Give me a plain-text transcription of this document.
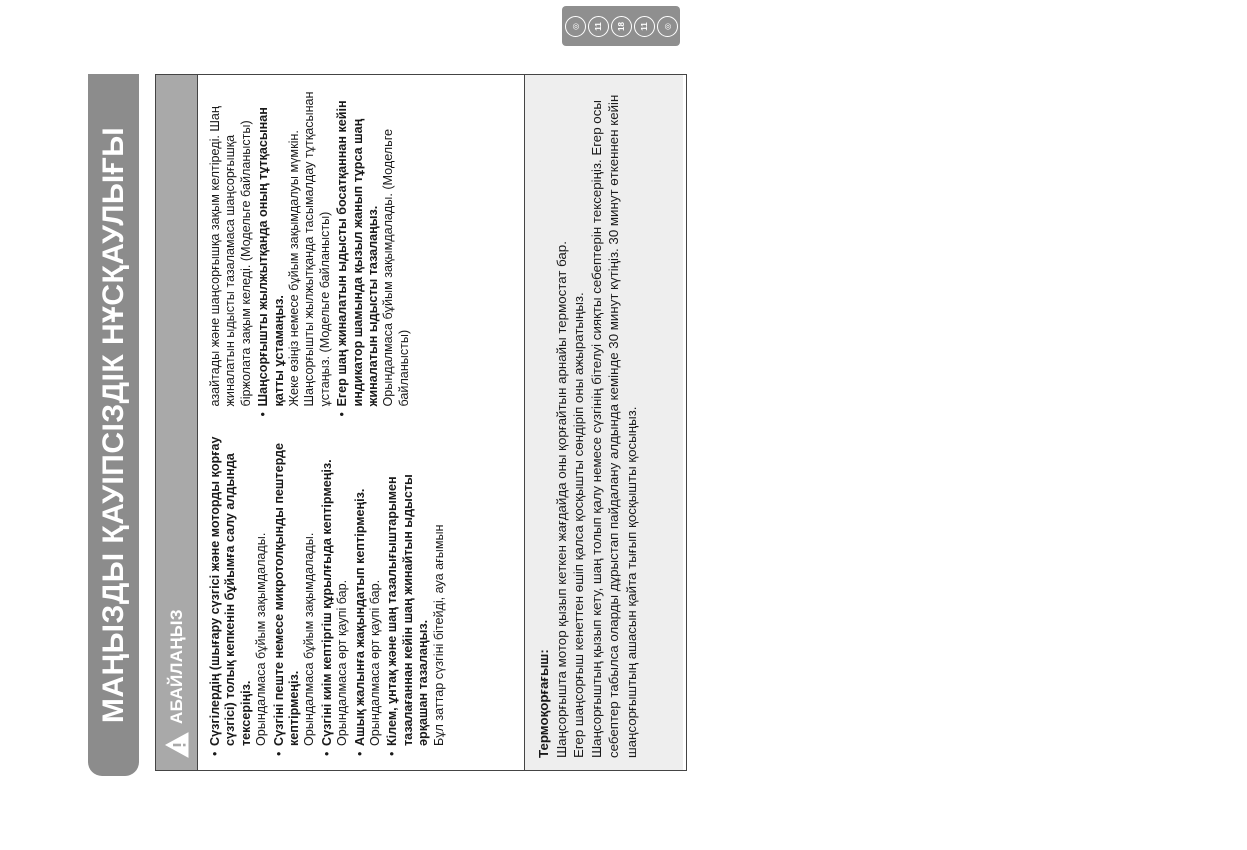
◎	11	18	11	◎
МАҢЫЗДЫ ҚАУІПСІЗДІК НҰСҚАУЛЫҒЫ АБАЙЛАҢЫЗ
•
Сүзгілердің (шығару сүзгісі және моторды қорғау сүзгісі) толық кепкенін бұйымға салу алдында тексеріңіз. Орындалмаса бұйым зақымдалады.
•
Сүзгіні пеште немесе микротолқынды пештерде кептірмеңіз. Орындалмаса бұйым зақымдалады.
•
Сүзгіні киім кептіргіш құрылғыда кептірмеңіз. Орындалмаса өрт қаупі бар.
•
Ашық жалынға жақындатып кептірмеңіз. Орындалмаса өрт қаупі бар.
•
Кілем, ұнтақ және шаң тазалығыштарымен тазалағаннан кейін шаң жинайтын ыдысты әрқашан тазалаңыз. Бұл заттар сүзгіні бітейді, ауа ағымын
азайтады және шаңсорғышқа зақым келтіреді. Шаң жиналатын ыдысты тазаламаса шаңсорғышқа біржолата зақым келеді. (Модельге байланысты)
•
Шаңсорғышты жылжытқанда оның тұтқасынан қатты ұстамаңыз. Жеке өзіңіз немесе бұйым зақымдалуы мүмкін. Шаңсорғышты жылжытқанда тасымалдау тұтқасынан ұстаңыз. (Модельге байланысты)
•
Егер шаң жиналатын ыдысты босатқаннан кейін индикатор шамында қызыл жанып тұрса шаң жиналатын ыдысты тазалаңыз. Орындалмаса бұйым зақымдалады. (Модельге байланысты)
Термоқорғағыш: Шаңсорғышта мотор қызып кеткен жағдайда оны қорғайтын арнайы термостат бар. Егер шаңсорғыш кенеттен өшіп қалса қосқышты сөндіріп оны ажыратыңыз. Шаңсорғыштың қызып кету, шаң толып қалу немесе сүзгінің бітелуі сияқты себептерін тексеріңіз. Егер осы себептер табылса оларды дұрыстап пайдалану алдында кемінде 30 минут күтіңіз. 30 минут өткеннен кейін шаңсорғыштың ашасын қайта тығып қосқышты қосыңыз.
